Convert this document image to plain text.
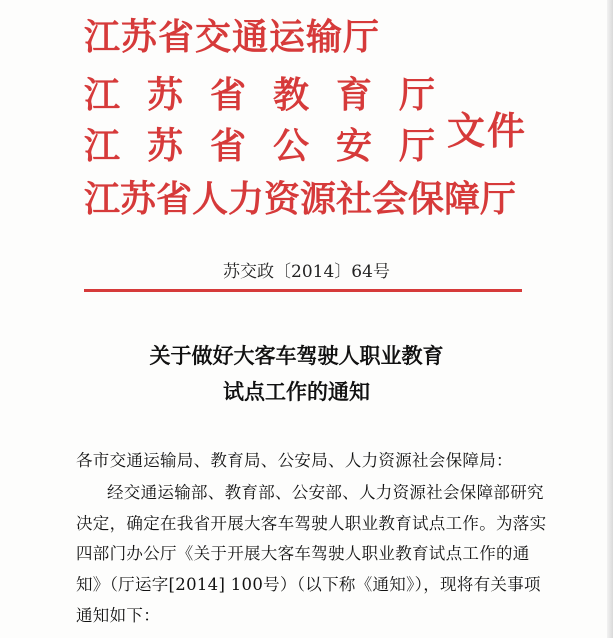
江苏省交通运输厅
江苏省教育厅
江苏省公安厅
江苏省人力资源社会保障厅
文件
苏交政〔2014〕64号
关于做好大客车驾驶人职业教育
试点工作的通知
各市交通运输局、教育局、公安局、人力资源社会保障局：
经交通运输部、教育部、公安部、人力资源社会保障部研究
决定，确定在我省开展大客车驾驶人职业教育试点工作。为落实
四部门办公厅《关于开展大客车驾驶人职业教育试点工作的通
知》（厅运字[2014] 100号）（以下称《通知》），现将有关事项
通知如下：
